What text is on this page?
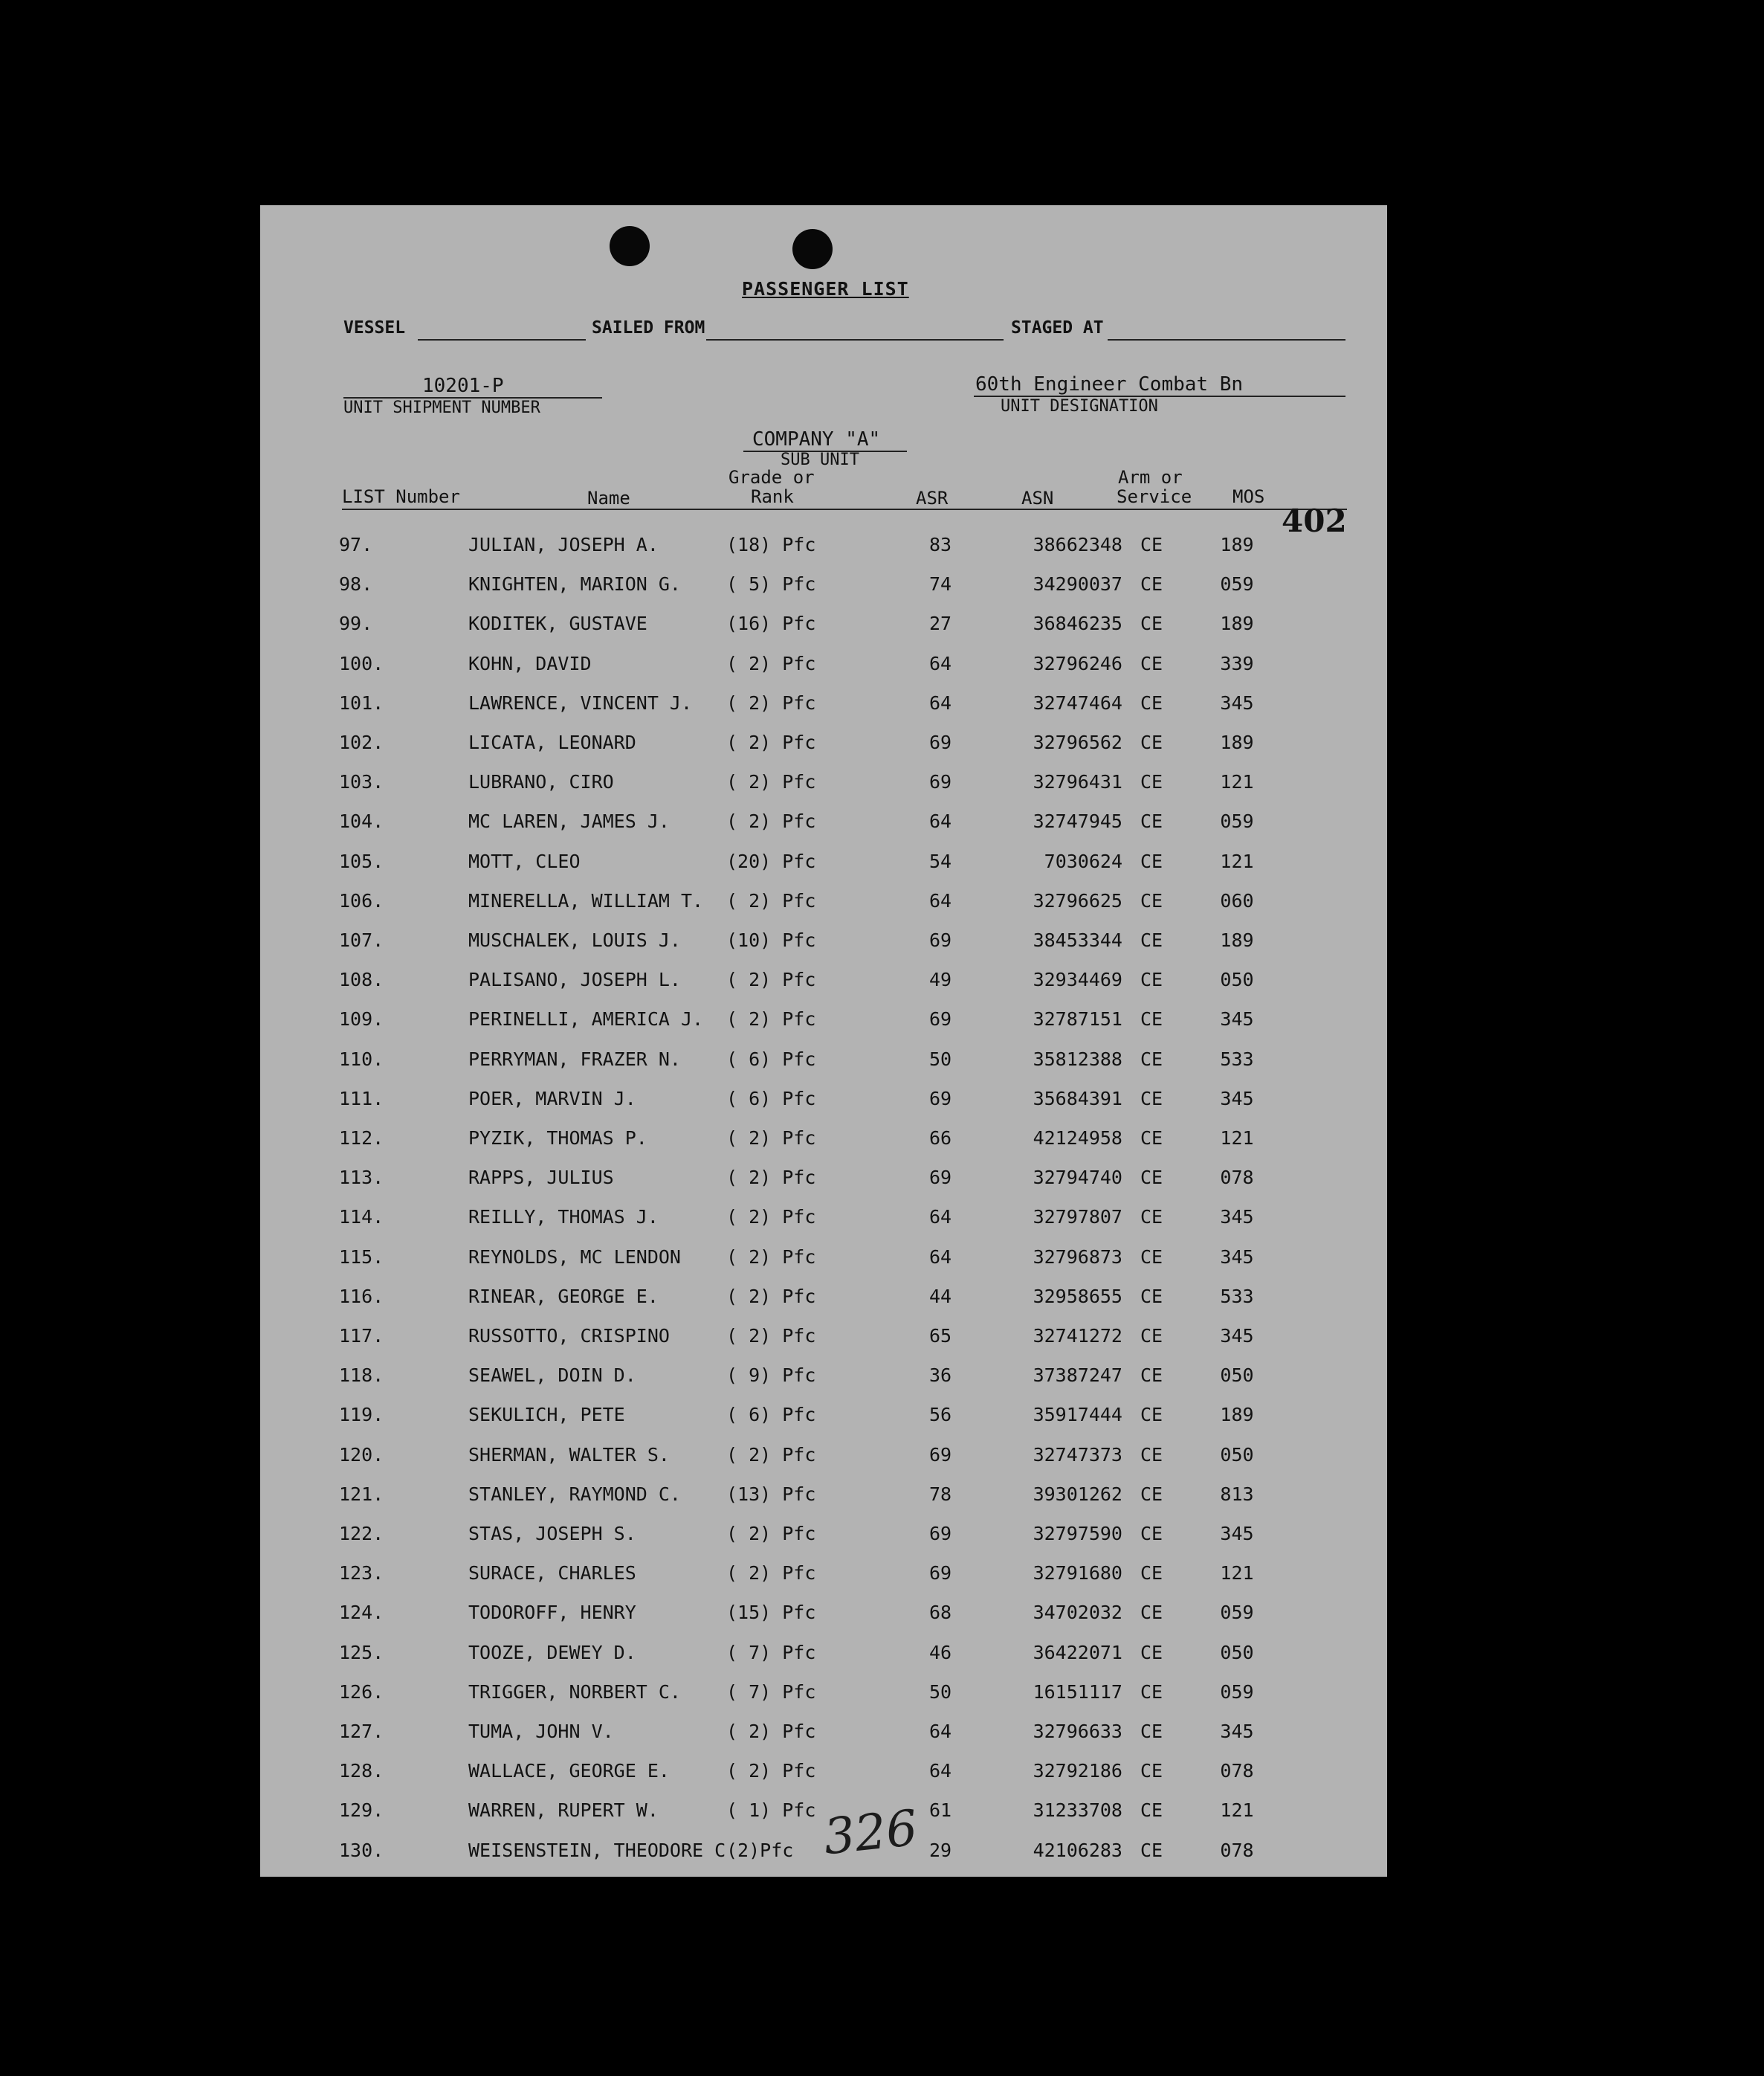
PASSENGER LIST
VESSEL	SAILED FROM	STAGED AT
10201-P
UNIT SHIPMENT NUMBER
60th Engineer Combat Bn
UNIT DESIGNATION
COMPANY "A"
SUB UNIT
LIST Number	Name
Grade or
Rank	ASR	ASN
Arm or
Service MOS
402
97.	JULIAN, JOSEPH A.	(18) Pfc	83	38662348 CE	189
98.	KNIGHTEN, MARION G. ( 5) Pfc	74	34290037 CE	059
99.	KODITEK, GUSTAVE	(16) Pfc	27	36846235 CE	189
100.	KOHN, DAVID	( 2) Pfc	64	32796246 CE	339
101.	LAWRENCE, VINCENT J. ( 2) Pfc	64	32747464 CE	345
102.	LICATA, LEONARD	( 2) Pfc	69	32796562 CE	189
103.	LUBRANO, CIRO	( 2) Pfc	69	32796431 CE	121
104.	MC LAREN, JAMES J.	( 2) Pfc	64	32747945 CE	059
105.	MOTT, CLEO	(20) Pfc	54	7030624 CE	121
106.	MINERELLA, WILLIAM T. ( 2) Pfc	64	32796625 CE	060
107.	MUSCHALEK, LOUIS J. (10) Pfc	69	38453344 CE	189
108.	PALISANO, JOSEPH L. ( 2) Pfc	49	32934469 CE	050
109.	PERINELLI, AMERICA J. ( 2) Pfc	69	32787151 CE	345
110.	PERRYMAN, FRAZER N. ( 6) Pfc	50	35812388 CE	533
111.	POER, MARVIN J.	( 6) Pfc	69	35684391 CE	345
112.	PYZIK, THOMAS P.	( 2) Pfc	66	42124958 CE	121
113.	RAPPS, JULIUS	( 2) Pfc	69	32794740 CE	078
114.	REILLY, THOMAS J.	( 2) Pfc	64	32797807 CE	345
115.	REYNOLDS, MC LENDON ( 2) Pfc	64	32796873 CE	345
116.	RINEAR, GEORGE E.	( 2) Pfc	44	32958655 CE	533
117.	RUSSOTTO, CRISPINO	( 2) Pfc	65	32741272 CE	345
118.	SEAWEL, DOIN D.	( 9) Pfc	36	37387247 CE	050
119.	SEKULICH, PETE	( 6) Pfc	56	35917444 CE	189
120.	SHERMAN, WALTER S.	( 2) Pfc	69	32747373 CE	050
121.	STANLEY, RAYMOND C. (13) Pfc	78	39301262 CE	813
122.	STAS, JOSEPH S.	( 2) Pfc	69	32797590 CE	345
123.	SURACE, CHARLES	( 2) Pfc	69	32791680 CE	121
124.	TODOROFF, HENRY	(15) Pfc	68	34702032 CE	059
125.	TOOZE, DEWEY D.	( 7) Pfc	46	36422071 CE	050
126.	TRIGGER, NORBERT C. ( 7) Pfc	50	16151117 CE	059
127.	TUMA, JOHN V.	( 2) Pfc	64	32796633 CE	345
128.	WALLACE, GEORGE E.	( 2) Pfc	64	32792186 CE	078
129.	WARREN, RUPERT W.	( 1) Pfc	61	31233708 CE	121
130.	WEISENSTEIN, THEODORE C (2)Pfc	29	42106283 CE	078
326
